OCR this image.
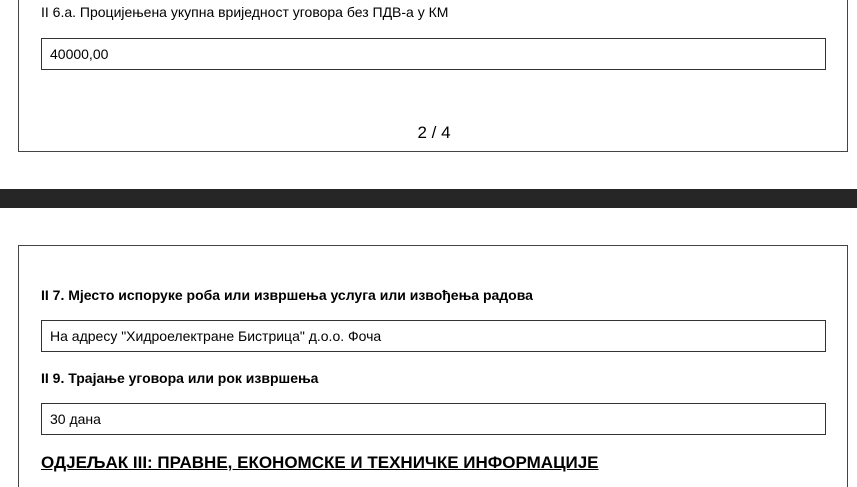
II 6.а. Процијењена укупна вриједност уговора без ПДВ-а у КМ
40000,00
2 / 4
II 7. Мјесто испоруке роба или извршења услуга или извођења радова
На адресу "Хидроелектране Бистрица" д.о.о. Фоча
II 9. Трајање уговора или рок извршења
30 дана
ОДЈЕЉАК III: ПРАВНЕ, ЕКОНОМСКЕ И ТЕХНИЧКЕ ИНФОРМАЦИЈЕ
